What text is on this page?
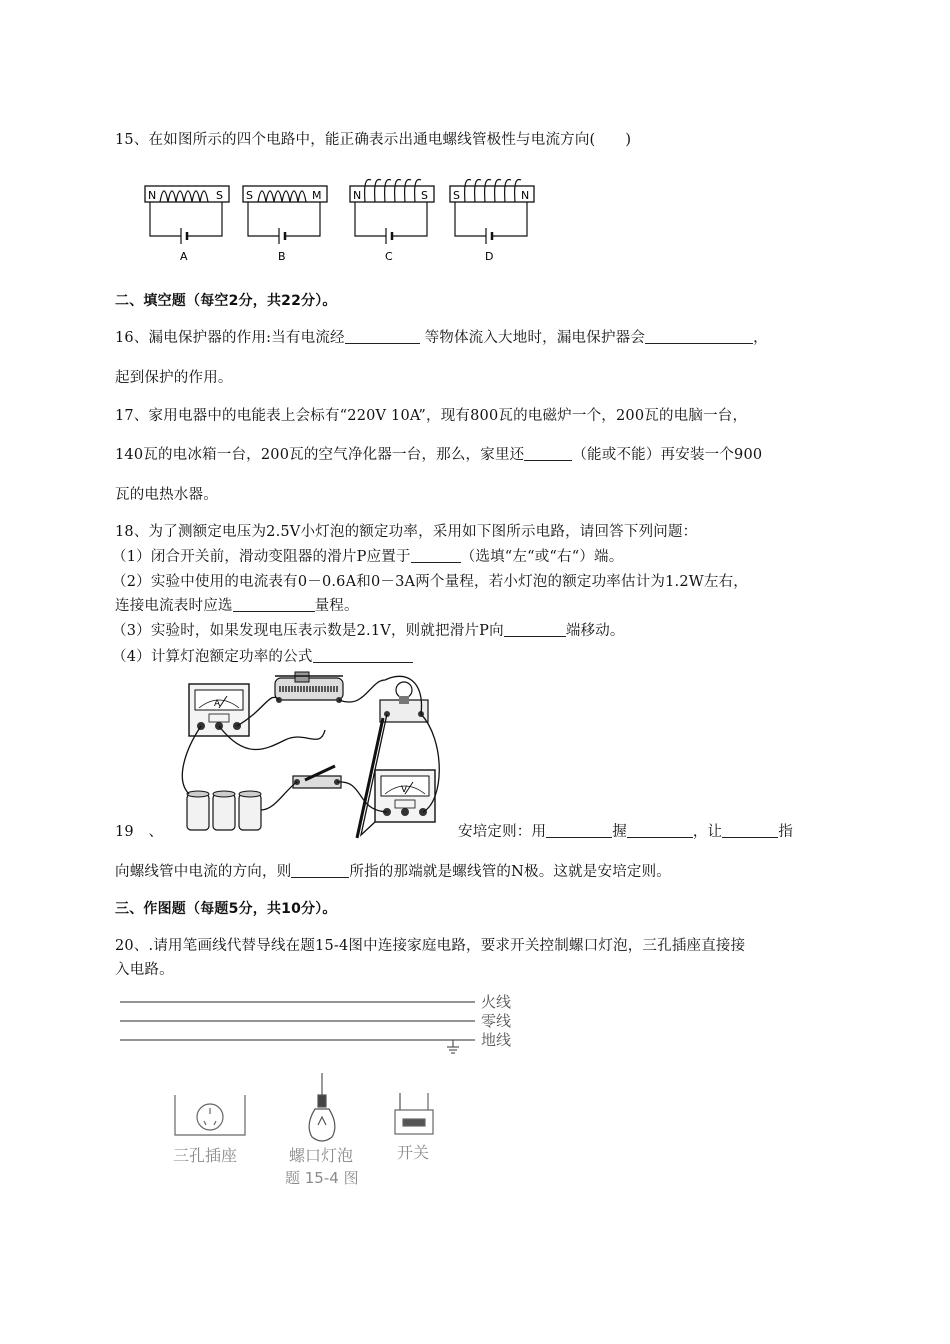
15、在如图所示的四个电路中，能正确表示出通电螺线管极性与电流方向( )
N	S
A
S	M
B
N	S
C
S	N
D
二、填空题（每空2分，共22分）。
16、漏电保护器的作用:当有电流经	等物体流入大地时，漏电保护器会	，
起到保护的作用。
17、家用电器中的电能表上会标有“220V 10A”，现有800瓦的电磁炉一个，200瓦的电脑一台，
140瓦的电冰箱一台，200瓦的空气净化器一台，那么，家里还	（能或不能）再安装一个900
瓦的电热水器。
18、为了测额定电压为2.5V小灯泡的额定功率，采用如下图所示电路，请回答下列问题：
（1）闭合开关前，滑动变阻器的滑片P应置于	（选填“左“或“右“）端。
（2）实验中使用的电流表有0－0.6A和0－3A两个量程，若小灯泡的额定功率估计为1.2W左右，
连接电流表时应选	量程。
（3）实验时，如果发现电压表示数是2.1V，则就把滑片P向	端移动。
（4）计算灯泡额定功率的公式
A
V
19　、	安培定则：用	握	，让	指
向螺线管中电流的方向，则	所指的那端就是螺线管的N极。这就是安培定则。
三、作图题（每题5分，共10分）。
20、.请用笔画线代替导线在题15-4图中连接家庭电路，要求开关控制螺口灯泡，三孔插座直接接
入电路。
火线
零线
地线
三孔插座	螺口灯泡
题 15-4 图
开关
